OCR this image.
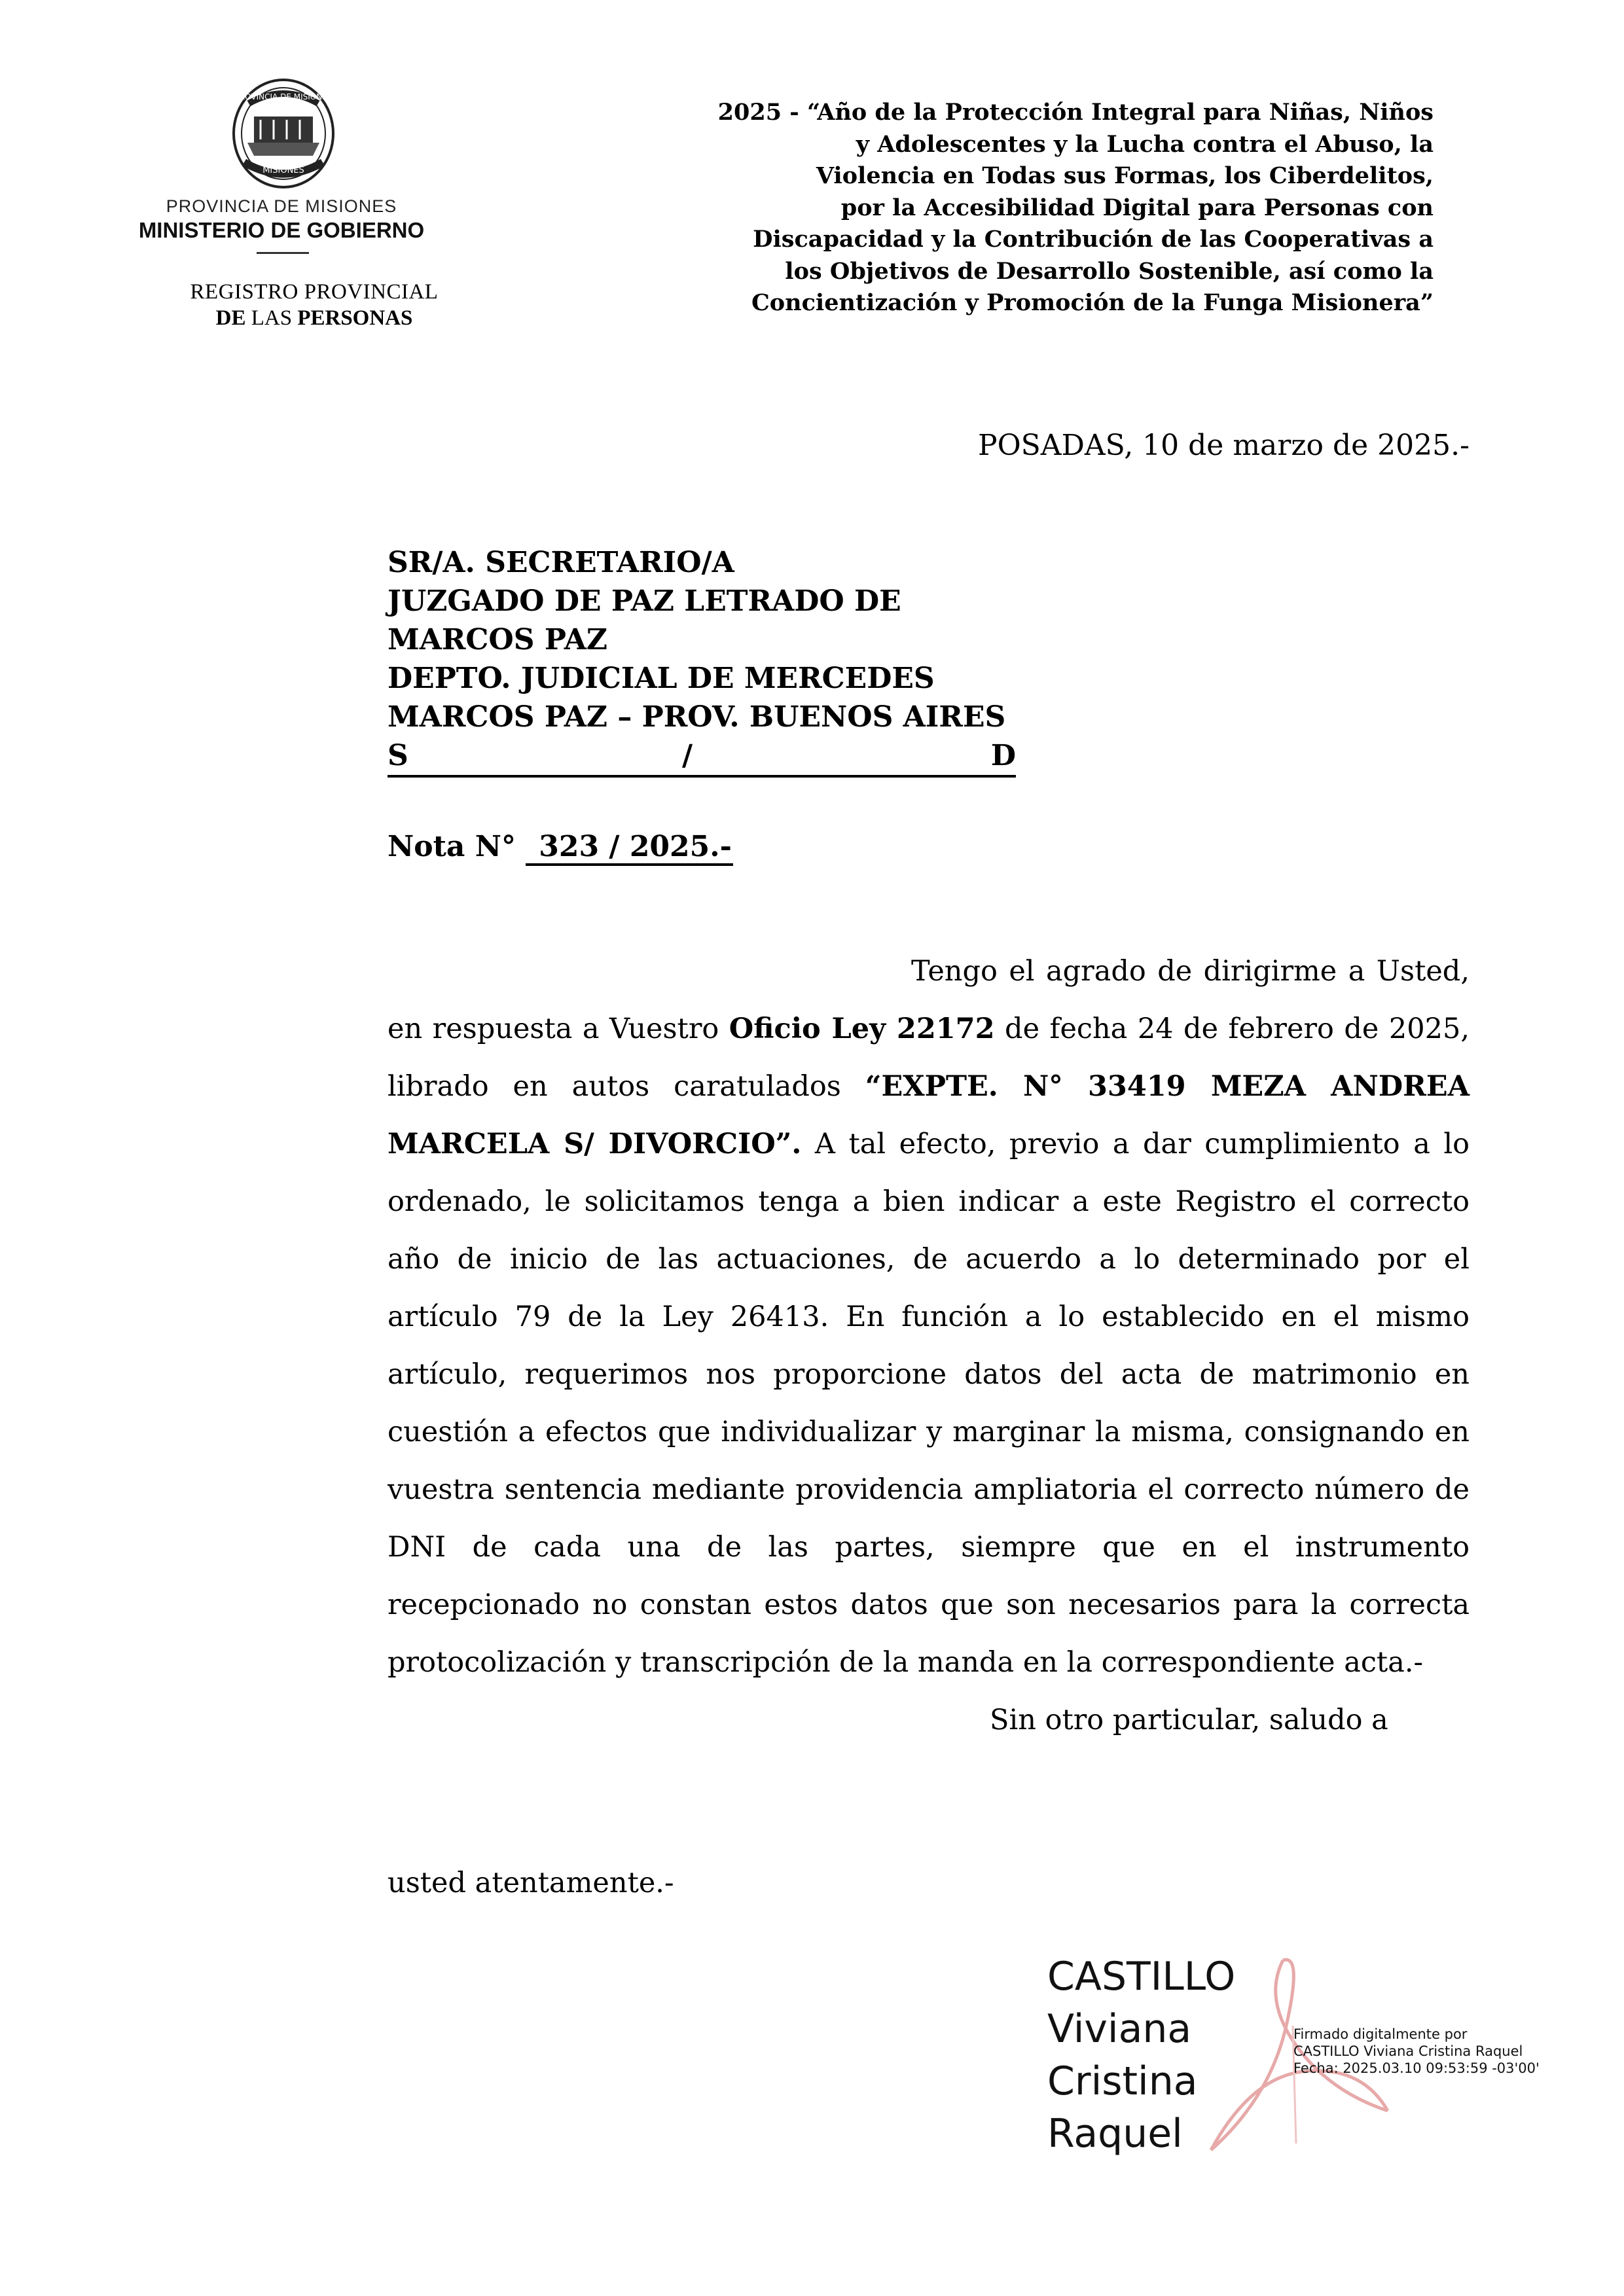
PROVINCIA DE MISIONES
MISIONES
PROVINCIA DE MISIONES
MINISTERIO DE GOBIERNO
REGISTRO PROVINCIAL
DE LAS PERSONAS
2025 - “Año de la Protección Integral para Niñas, Niños
y Adolescentes y la Lucha contra el Abuso, la
Violencia en Todas sus Formas, los Ciberdelitos,
por la Accesibilidad Digital para Personas con
Discapacidad y la Contribución de las Cooperativas a
los Objetivos de Desarrollo Sostenible, así como la
Concientización y Promoción de la Funga Misionera”
POSADAS, 10 de marzo de 2025.-
SR/A. SECRETARIO/A
JUZGADO DE PAZ LETRADO DE
MARCOS PAZ
DEPTO. JUDICIAL DE MERCEDES
MARCOS PAZ – PROV. BUENOS AIRES
S	/	D
Nota N° 323 / 2025.-

Tengo el agrado de dirigirme a Usted, en respuesta a Vuestro Oficio Ley 22172 de fecha 24 de febrero de 2025, librado en autos caratulados “EXPTE. N° 33419 MEZA ANDREA MARCELA S/ DIVORCIO”. A tal efecto, previo a dar cumplimiento a lo ordenado, le solicitamos tenga a bien indicar a este Registro el correcto año de inicio de las actuaciones, de acuerdo a lo determinado por el artículo 79 de la Ley 26413. En función a lo establecido en el mismo artículo, requerimos nos proporcione datos del acta de matrimonio en cuestión a efectos que individualizar y marginar la misma, consignando en vuestra sentencia mediante providencia ampliatoria el correcto número de DNI de cada una de las partes, siempre que en el instrumento recepcionado no constan estos datos que son necesarios para la correcta protocolización y transcripción de la manda en la correspondiente acta.-

Sin otro particular, saludo a

usted atentamente.-
CASTILLO
Viviana
Cristina
Raquel
Firmado digitalmente por
CASTILLO Viviana Cristina Raquel
Fecha: 2025.03.10 09:53:59 -03'00'
